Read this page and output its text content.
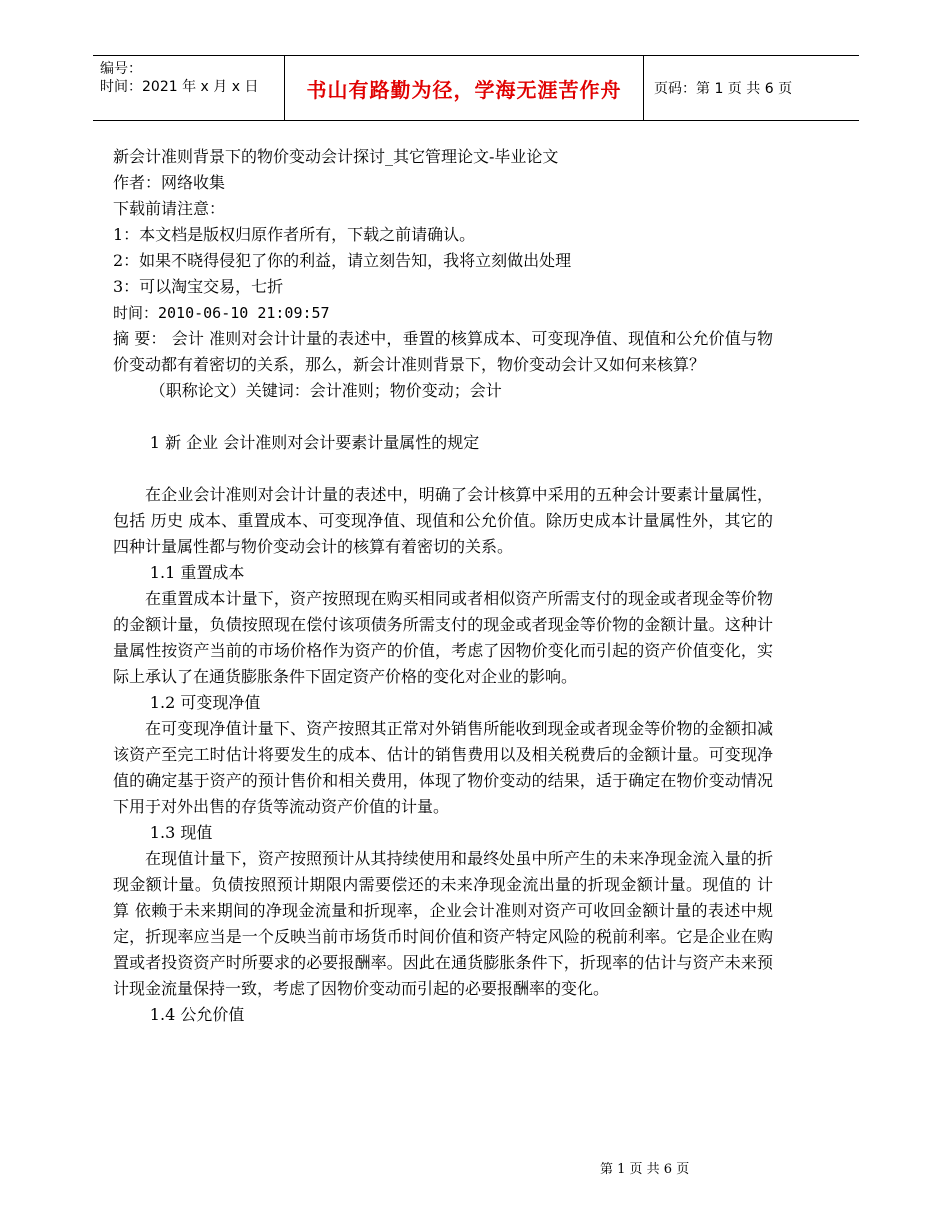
编号：
时间：2021 年 x 月 x 日	书山有路勤为径，学海无涯苦作舟	页码：第 1 页 共 6 页
新会计准则背景下的物价变动会计探讨_其它管理论文-毕业论文
作者：网络收集
下载前请注意：
1：本文档是版权归原作者所有，下载之前请确认。
2：如果不晓得侵犯了你的利益，请立刻告知，我将立刻做出处理
3：可以淘宝交易，七折
时间：2010-06-10 21:09:57

摘 要： 会计 准则对会计计量的表述中，垂置的核算成本、可变现净值、现值和公允价值与物价变动都有着密切的关系，那么，新会计准则背景下，物价变动会计又如何来核算？

（职称论文）关键词：会计准则；物价变动；会计
1 新 企业 会计准则对会计要素计量属性的规定

在企业会计准则对会计计量的表述中，明确了会计核算中采用的五种会计要素计量属性，包括 历史 成本、重置成本、可变现净值、现值和公允价值。除历史成本计量属性外，其它的四种计量属性都与物价变动会计的核算有着密切的关系。

1.1 重置成本

在重置成本计量下，资产按照现在购买相同或者相似资产所需支付的现金或者现金等价物的金额计量，负债按照现在偿付该项债务所需支付的现金或者现金等价物的金额计量。这种计量属性按资产当前的市场价格作为资产的价值，考虑了因物价变化而引起的资产价值变化，实际上承认了在通货膨胀条件下固定资产价格的变化对企业的影响。

1.2 可变现净值

在可变现净值计量下、资产按照其正常对外销售所能收到现金或者现金等价物的金额扣减该资产至完工时估计将要发生的成本、估计的销售费用以及相关税费后的金额计量。可变现净值的确定基于资产的预计售价和相关费用，体现了物价变动的结果，适于确定在物价变动情况下用于对外出售的存货等流动资产价值的计量。

1.3 现值

在现值计量下，资产按照预计从其持续使用和最终处虽中所产生的未来净现金流入量的折现金额计量。负债按照预计期限内需要偿还的未来净现金流出量的折现金额计量。现值的 计算 依赖于未来期间的净现金流量和折现率，企业会计准则对资产可收回金额计量的表述中规定，折现率应当是一个反映当前市场货币时间价值和资产特定风险的税前利率。它是企业在购置或者投资资产时所要求的必要报酬率。因此在通货膨胀条件下，折现率的估计与资产未来预计现金流量保持一致，考虑了因物价变动而引起的必要报酬率的变化。

1.4 公允价值
第 1 页 共 6 页
